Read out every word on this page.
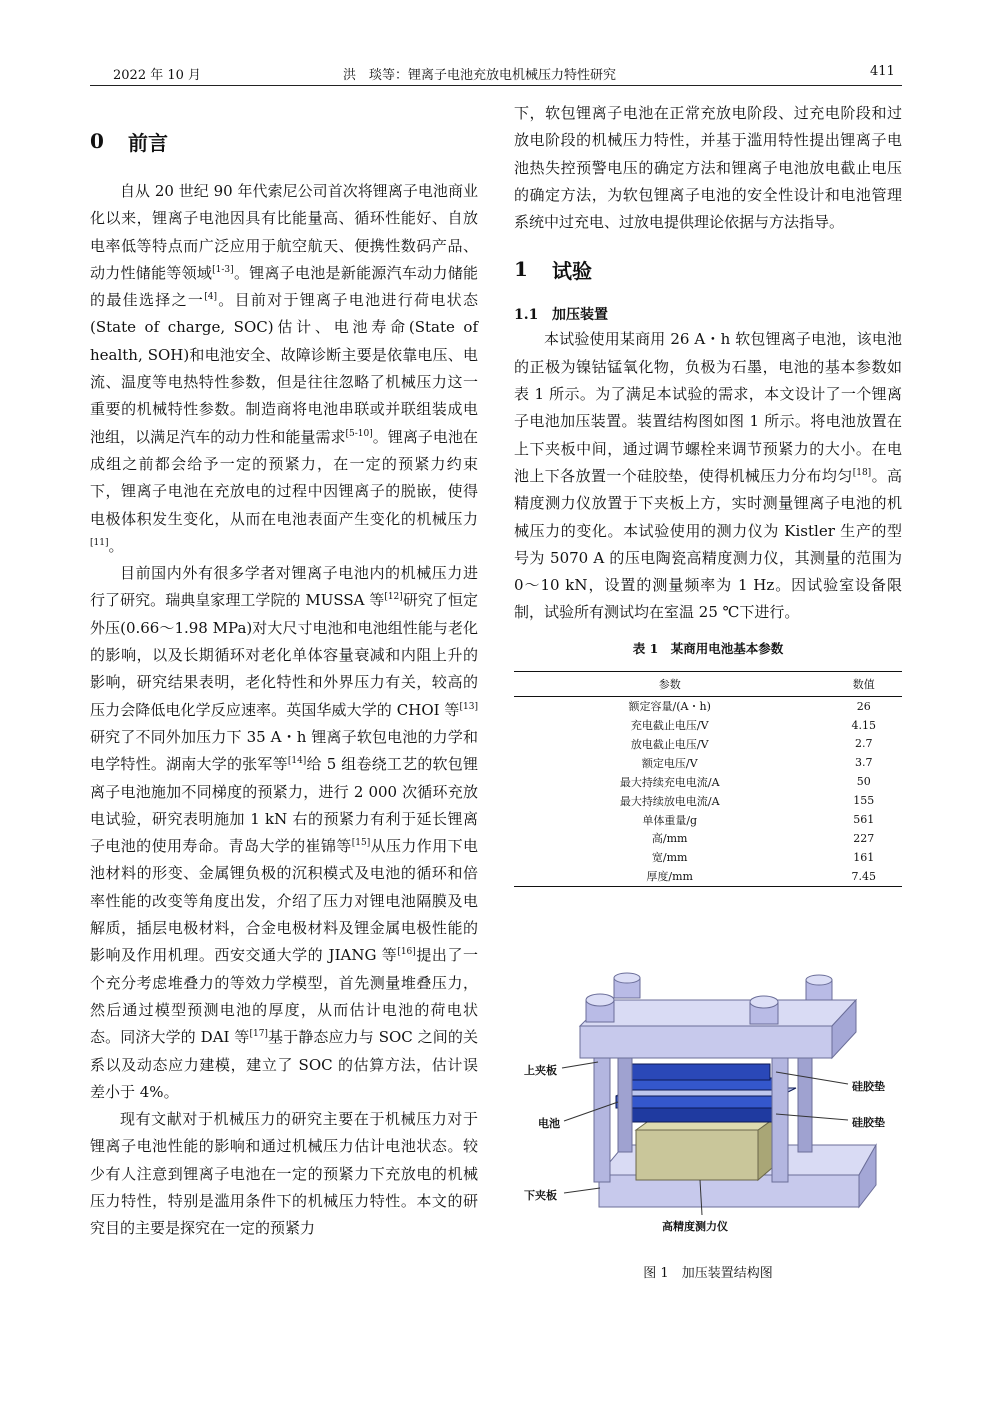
2022 年 10 月	洪　琰等：锂离子电池充放电机械压力特性研究	411
0	前言

自从 20 世纪 90 年代索尼公司首次将锂离子电池商业化以来，锂离子电池因具有比能量高、循环性能好、自放电率低等特点而广泛应用于航空航天、便携性数码产品、动力性储能等领域[1-3]。锂离子电池是新能源汽车动力储能的最佳选择之一[4]。目前对于锂离子电池进行荷电状态(State of charge, SOC)估计、电池寿命(State of health, SOH)和电池安全、故障诊断主要是依靠电压、电流、温度等电热特性参数，但是往往忽略了机械压力这一重要的机械特性参数。制造商将电池串联或并联组装成电池组，以满足汽车的动力性和能量需求[5-10]。锂离子电池在成组之前都会给予一定的预紧力，在一定的预紧力约束下，锂离子电池在充放电的过程中因锂离子的脱嵌，使得电极体积发生变化，从而在电池表面产生变化的机械压力[11]。

目前国内外有很多学者对锂离子电池内的机械压力进行了研究。瑞典皇家理工学院的 MUSSA 等[12]研究了恒定外压(0.66～1.98 MPa)对大尺寸电池和电池组性能与老化的影响，以及长期循环对老化单体容量衰减和内阻上升的影响，研究结果表明，老化特性和外界压力有关，较高的压力会降低电化学反应速率。英国华威大学的 CHOI 等[13]研究了不同外加压力下 35 A・h 锂离子软包电池的力学和电学特性。湖南大学的张军等[14]给 5 组卷绕工艺的软包锂离子电池施加不同梯度的预紧力，进行 2 000 次循环充放电试验，研究表明施加 1 kN 右的预紧力有利于延长锂离子电池的使用寿命。青岛大学的崔锦等[15]从压力作用下电池材料的形变、金属锂负极的沉积模式及电池的循环和倍率性能的改变等角度出发，介绍了压力对锂电池隔膜及电解质，插层电极材料，合金电极材料及锂金属电极性能的影响及作用机理。西安交通大学的 JIANG 等[16]提出了一个充分考虑堆叠力的等效力学模型，首先测量堆叠压力，然后通过模型预测电池的厚度，从而估计电池的荷电状态。同济大学的 DAI 等[17]基于静态应力与 SOC 之间的关系以及动态应力建模，建立了 SOC 的估算方法，估计误差小于 4%。

现有文献对于机械压力的研究主要在于机械压力对于锂离子电池性能的影响和通过机械压力估计电池状态。较少有人注意到锂离子电池在一定的预紧力下充放电的机械压力特性，特别是滥用条件下的机械压力特性。本文的研究目的主要是探究在一定的预紧力

下，软包锂离子电池在正常充放电阶段、过充电阶段和过放电阶段的机械压力特性，并基于滥用特性提出锂离子电池热失控预警电压的确定方法和锂离子电池放电截止电压的确定方法，为软包锂离子电池的安全性设计和电池管理系统中过充电、过放电提供理论依据与方法指导。

1	试验
1.1 加压装置

本试验使用某商用 26 A・h 软包锂离子电池，该电池的正极为镍钴锰氧化物，负极为石墨，电池的基本参数如表 1 所示。为了满足本试验的需求，本文设计了一个锂离子电池加压装置。装置结构图如图 1 所示。将电池放置在上下夹板中间，通过调节螺栓来调节预紧力的大小。在电池上下各放置一个硅胶垫，使得机械压力分布均匀[18]。高精度测力仪放置于下夹板上方，实时测量锂离子电池的机械压力的变化。本试验使用的测力仪为 Kistler 生产的型号为 5070 A 的压电陶瓷高精度测力仪，其测量的范围为 0～10 kN，设置的测量频率为 1 Hz。因试验室设备限制，试验所有测试均在室温 25 ℃下进行。

表 1　某商用电池基本参数

参数	数值
额定容量/(A・h)	26
充电截止电压/V	4.15
放电截止电压/V	2.7
额定电压/V	3.7
最大持续充电电流/A	50
最大持续放电电流/A	155
单体重量/g	561
高/mm	227
宽/mm	161
厚度/mm	7.45
上夹板
电池
下夹板
硅胶垫
硅胶垫
高精度测力仪
图 1　加压装置结构图
